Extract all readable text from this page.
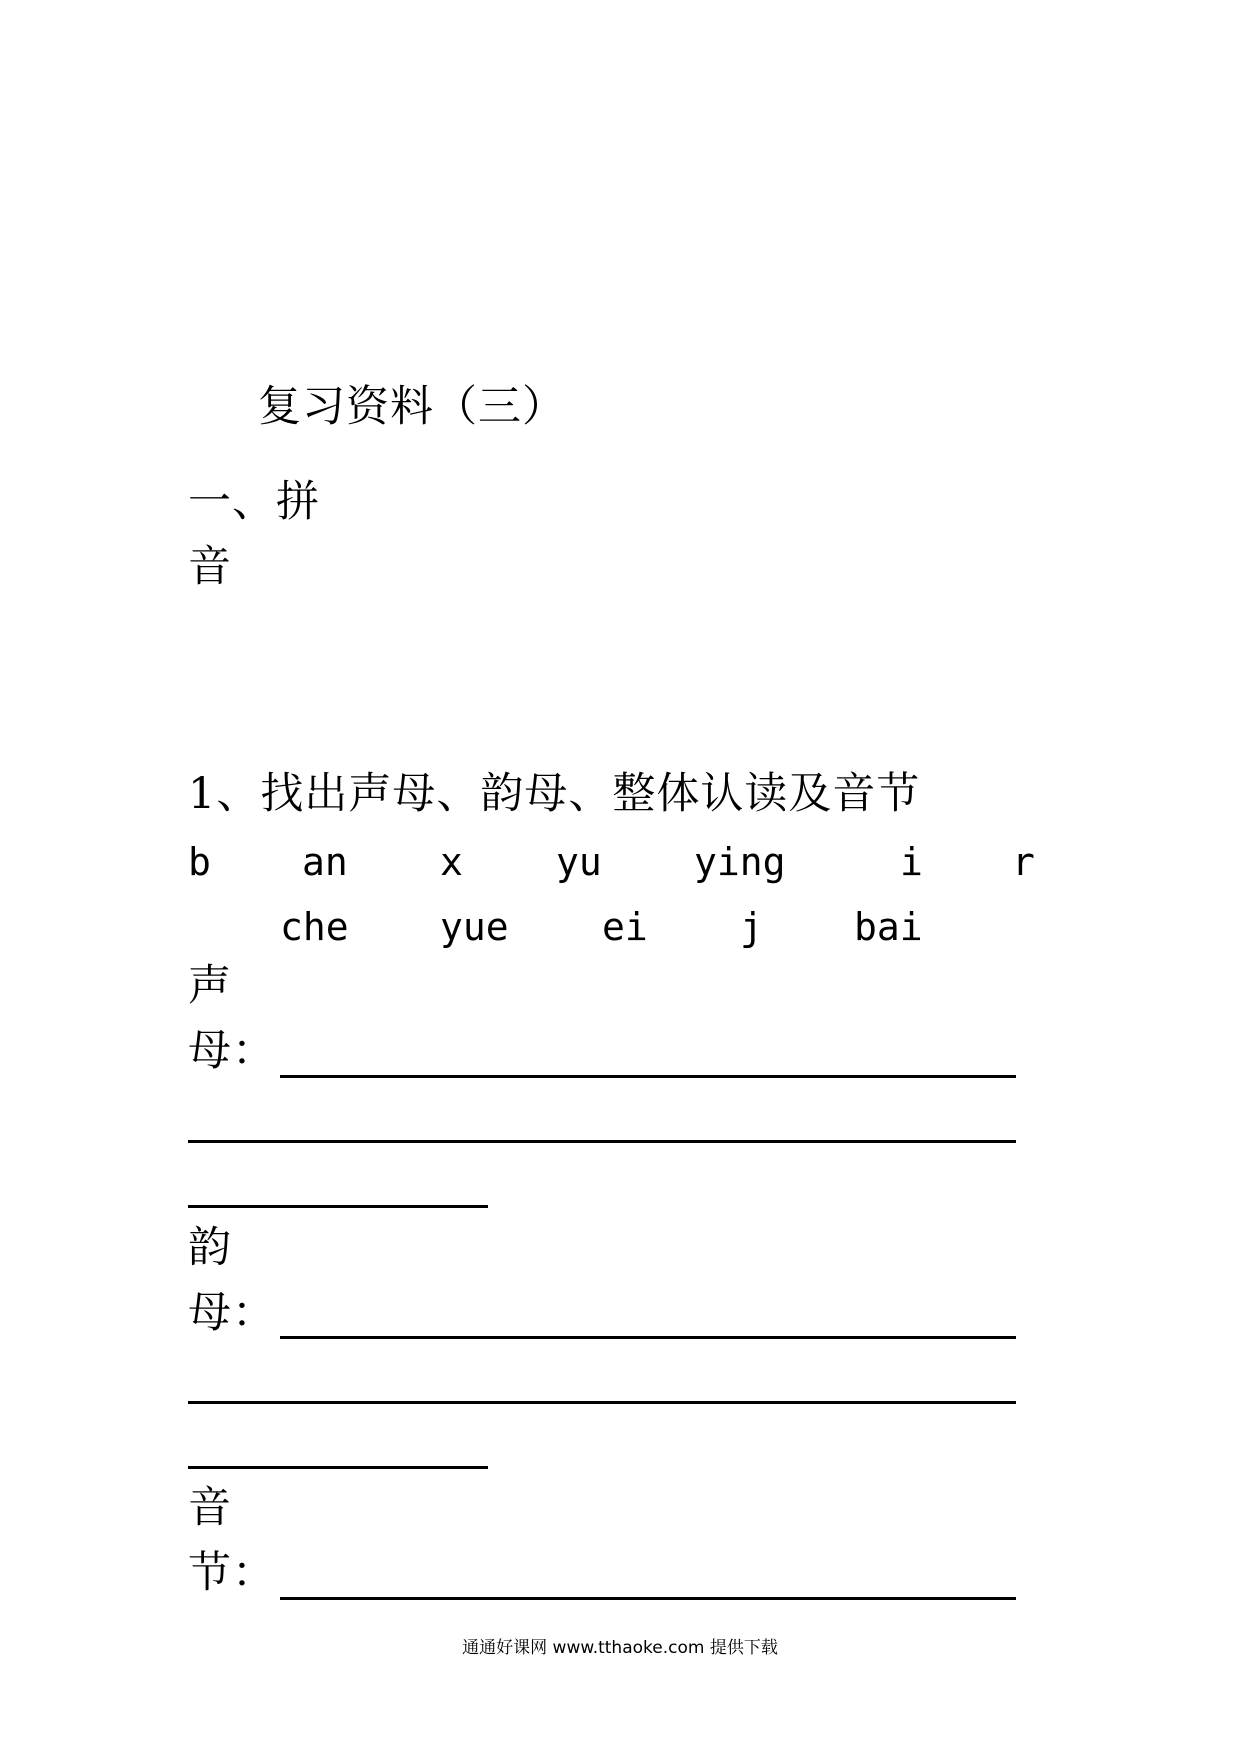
复习资料（三）
一、拼
音
1、找出声母、韵母、整体认读及音节
b an x yu ying	i r
che yue ei j bai
声
母：
韵
母：
音
节：
通通好课网 www.tthaoke.com 提供下载
